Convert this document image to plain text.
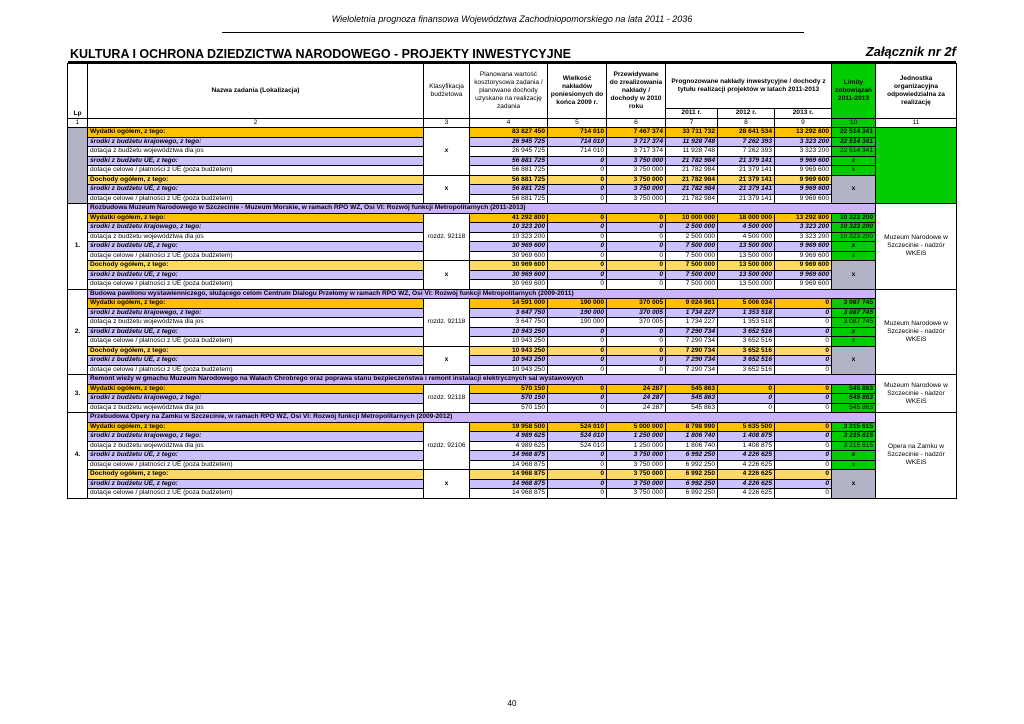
Wieloletnia prognoza finansowa Województwa Zachodniopomorskiego na lata 2011 - 2036
KULTURA I OCHRONA DZIEDZICTWA NARODOWEGO - PROJEKTY INWESTYCYJNE	Załącznik nr 2f
Lp	Nazwa zadania (Lokalizacja)	Klasyfikacja budżetowa	Planowana wartość kosztorysowa zadania / planowane dochody uzyskane na realizację zadania	Wielkość nakładów poniesionych do końca 2009 r.	Przewidywane do zrealizowania nakłady / dochody w 2010 roku	Prognozowane nakłady inwestycyjne / dochody z tytułu realizacji projektów w latach 2011-2013			Limity zobowiązań 2011-2013	Jednostka organizacyjna odpowiedzialna za realizację
						2011 r.	2012 r.	2013 r.		
1	2	3	4	5	6	7	8	9	10	11
	Wydatki ogółem, z tego:	x	83 827 450	714 010	7 467 374	33 711 732	28 641 534	13 292 800	22 514 341	
	środki z budżetu krajowego, z tego:		26 945 725	714 010	3 717 374	11 928 748	7 262 393	3 323 200	22 514 341	
	dotacja z budżetu województwa dla jos		26 945 725	714 010	3 717 374	11 928 748	7 262 393	3 323 200	22 514 341	
	środki z budżetu UE, z tego:		56 881 725	0	3 750 000	21 782 984	21 379 141	9 969 600	x	
	dotacje celowe / płatności z UE (poza budżetem)		56 881 725	0	3 750 000	21 782 984	21 379 141	9 969 600	x	
	Dochody ogółem, z tego:	x	56 881 725	0	3 750 000	21 782 984	21 379 141	9 969 600	x	
	środki z budżetu UE, z tego:		56 881 725	0	3 750 000	21 782 984	21 379 141	9 969 600		
	dotacje celowe / płatności z UE (poza budżetem)		56 881 725	0	3 750 000	21 782 984	21 379 141	9 969 600		
1.	Rozbudowa Muzeum Narodowego w Szczecinie - Muzeum Morskie, w ramach RPO WZ, Osi VI: Rozwój funkcji Metropolitarnych (2011-2013)									Muzeum Narodowe w Szczecinie - nadzór WKEiS
	Wydatki ogółem, z tego:	rozdz. 92118	41 292 800	0	0	10 000 000	18 000 000	13 292 800	10 323 200	
	środki z budżetu krajowego, z tego:		10 323 200	0	0	2 500 000	4 500 000	3 323 200	10 323 200	
	dotacja z budżetu województwa dla jos		10 323 200	0	0	2 500 000	4 500 000	3 323 200	10 323 200	
	środki z budżetu UE, z tego:		30 969 600	0	0	7 500 000	13 500 000	9 969 600	x	
	dotacje celowe / płatności z UE (poza budżetem)		30 969 600	0	0	7 500 000	13 500 000	9 969 600	x	
	Dochody ogółem, z tego:	x	30 969 600	0	0	7 500 000	13 500 000	9 969 600	x	
	środki z budżetu UE, z tego:		30 969 600	0	0	7 500 000	13 500 000	9 969 600		
	dotacje celowe / płatności z UE (poza budżetem)		30 969 600	0	0	7 500 000	13 500 000	9 969 600		
2.	Budowa pawilonu wystawienniczego, służącego celom Centrum Dialogu Przełomy w ramach RPO WZ, Osi VI: Rozwój funkcji Metropolitarnych (2009-2011)									Muzeum Narodowe w Szczecinie - nadzór WKEiS
	Wydatki ogółem, z tego:	rozdz. 92118	14 591 000	190 000	370 005	9 024 961	5 006 034	0	3 087 745	
	środki z budżetu krajowego, z tego:		3 647 750	190 000	370 005	1 734 227	1 353 518	0	3 087 745	
	dotacja z budżetu województwa dla jos		3 647 750	190 000	370 005	1 734 227	1 353 518	0	3 087 745	
	środki z budżetu UE, z tego:		10 943 250	0	0	7 290 734	3 652 516	0	x	
	dotacje celowe / płatności z UE (poza budżetem)		10 943 250	0	0	7 290 734	3 652 516	0	x	
	Dochody ogółem, z tego:	x	10 943 250	0	0	7 290 734	3 652 516	0	x	
	środki z budżetu UE, z tego:		10 943 250	0	0	7 290 734	3 652 516	0		
	dotacje celowe / płatności z UE (poza budżetem)		10 943 250	0	0	7 290 734	3 652 516	0		
3.	Remont wieży w gmachu Muzeum Narodowego na Wałach Chrobrego oraz poprawa stanu bezpieczeństwa i remont instalacji elektrycznych sal wystawowych									Muzeum Narodowe w Szczecinie - nadzór WKEiS
	Wydatki ogółem, z tego:	rozdz. 92118	570 150	0	24 287	545 863	0	0	545 863	
	środki z budżetu krajowego, z tego:		570 150	0	24 287	545 863	0	0	545 863	
	dotacja z budżetu województwa dla jos		570 150	0	24 287	545 863	0	0	545 863	
4.	Przebudowa Opery na Zamku w Szczecinie, w ramach RPO WZ, Osi VI: Rozwój funkcji Metropolitarnych (2009-2012)									Opera na Zamku w Szczecinie - nadzór WKEiS
	Wydatki ogółem, z tego:	rozdz. 92106	19 958 500	524 010	5 000 000	8 798 990	5 635 500	0	3 215 615	
	środki z budżetu krajowego, z tego:		4 989 625	524 010	1 250 000	1 806 740	1 408 875	0	3 215 615	
	dotacja z budżetu województwa dla jos		4 989 625	524 010	1 250 000	1 806 740	1 408 875	0	3 215 615	
	środki z budżetu UE, z tego:		14 968 875	0	3 750 000	6 992 250	4 226 625	0	x	
	dotacje celowe / płatności z UE (poza budżetem)		14 968 875	0	3 750 000	6 992 250	4 226 625	0	x	
	Dochody ogółem, z tego:	x	14 968 875	0	3 750 000	6 992 250	4 226 625	0	x	
	środki z budżetu UE, z tego:		14 968 875	0	3 750 000	6 992 250	4 226 625	0		
	dotacje celowe / płatności z UE (poza budżetem)		14 968 875	0	3 750 000	6 992 250	4 226 625	0		
40
